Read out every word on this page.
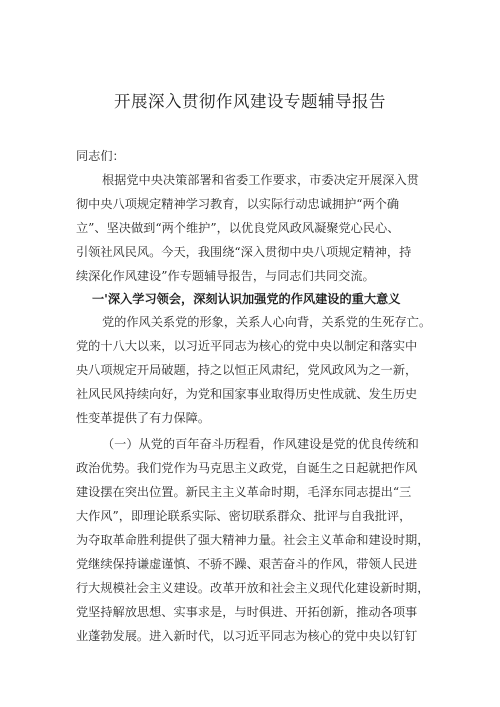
开展深入贯彻作风建设专题辅导报告
同志们：
根据党中央决策部署和省委工作要求，市委决定开展深入贯
彻中央八项规定精神学习教育，以实际行动忠诚拥护“两个确
立”、坚决做到“两个维护”，以优良党风政风凝聚党心民心、
引领社风民风。今天，我围绕“深入贯彻中央八项规定精神，持
续深化作风建设”作专题辅导报告，与同志们共同交流。
一'深入学习领会，深刻认识加强党的作风建设的重大意义
党的作风关系党的形象，关系人心向背，关系党的生死存亡。
党的十八大以来，以习近平同志为核心的党中央以制定和落实中
央八项规定开局破题，持之以恒正风肃纪，党风政风为之一新，
社风民风持续向好，为党和国家事业取得历史性成就、发生历史
性变革提供了有力保障。
（一）从党的百年奋斗历程看，作风建设是党的优良传统和
政治优势。我们党作为马克思主义政党，自诞生之日起就把作风
建设摆在突出位置。新民主主义革命时期，毛泽东同志提出“三
大作风”，即理论联系实际、密切联系群众、批评与自我批评，
为夺取革命胜利提供了强大精神力量。社会主义革命和建设时期，
党继续保持谦虚谨慎、不骄不躁、艰苦奋斗的作风，带领人民进
行大规模社会主义建设。改革开放和社会主义现代化建设新时期，
党坚持解放思想、实事求是，与时俱进、开拓创新，推动各项事
业蓬勃发展。进入新时代，以习近平同志为核心的党中央以钉钉
